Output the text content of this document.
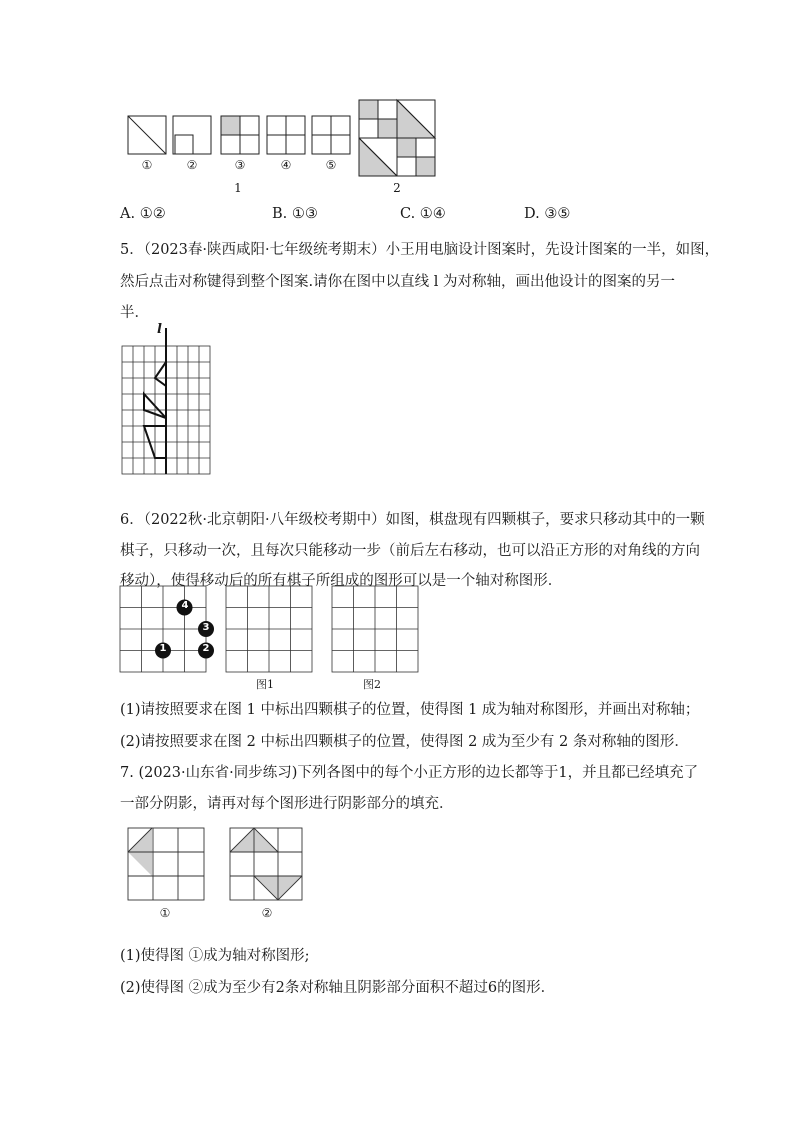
①	②	③	④	⑤
1	2
A. ①②	B. ①③	C. ①④	D. ③⑤
5．（2023春·陕西咸阳·七年级统考期末）小王用电脑设计图案时，先设计图案的一半，如图，
然后点击对称键得到整个图案.请你在图中以直线 l 为对称轴，画出他设计的图案的另一
半．
l
6．（2022秋·北京朝阳·八年级校考期中）如图，棋盘现有四颗棋子，要求只移动其中的一颗
棋子，只移动一次，且每次只能移动一步（前后左右移动，也可以沿正方形的对角线的方向
移动），使得移动后的所有棋子所组成的图形可以是一个轴对称图形．
4
3
1	2
图1	图2
(1)请按照要求在图 1 中标出四颗棋子的位置，使得图 1 成为轴对称图形，并画出对称轴；
(2)请按照要求在图 2 中标出四颗棋子的位置，使得图 2 成为至少有 2 条对称轴的图形．
7. (2023·山东省·同步练习)下列各图中的每个小正方形的边长都等于1，并且都已经填充了
一部分阴影，请再对每个图形进行阴影部分的填充．
①	②
(1)使得图 ①成为轴对称图形;
(2)使得图 ②成为至少有2条对称轴且阴影部分面积不超过6的图形．
